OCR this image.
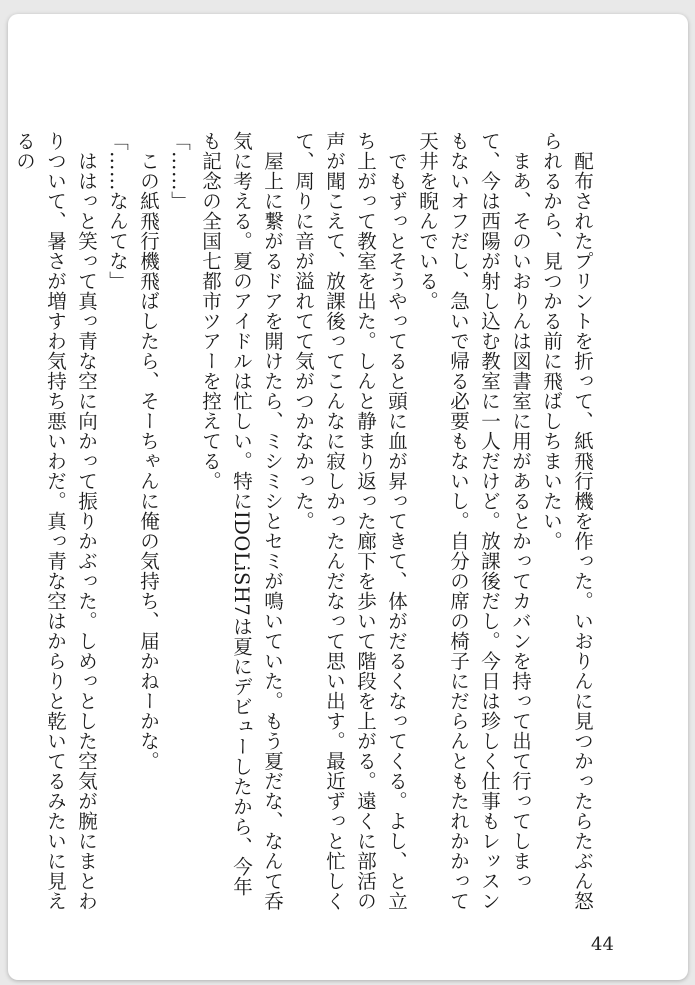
配布されたプリントを折って、紙飛行機を作った。いおりんに見つかったらたぶん怒られるから、見つかる前に飛ばしちまいたい。

まあ、そのいおりんは図書室に用があるとかってカバンを持って出て行ってしまって、今は西陽が射し込む教室に一人だけど。放課後だし。今日は珍しく仕事もレッスンもないオフだし、急いで帰る必要もないし。自分の席の椅子にだらんともたれかかって天井を睨んでいる。

でもずっとそうやってると頭に血が昇ってきて、体がだるくなってくる。よし、と立ち上がって教室を出た。しんと静まり返った廊下を歩いて階段を上がる。遠くに部活の声が聞こえて、放課後ってこんなに寂しかったんだなって思い出す。最近ずっと忙しくて、周りに音が溢れてて気がつかなかった。

屋上に繋がるドアを開けたら、ミシミシとセミが鳴いていた。もう夏だな、なんて呑気に考える。夏のアイドルは忙しい。特にIDOLiSH7は夏にデビューしたから、今年も記念の全国七都市ツアーを控えてる。

「……」

この紙飛行機飛ばしたら、そーちゃんに俺の気持ち、届かねーかな。

「……なんてな」

ははっと笑って真っ青な空に向かって振りかぶった。しめっとした空気が腕にまとわりついて、暑さが増すわ気持ち悪いわだ。真っ青な空はからりと乾いてるみたいに見えるの

44
